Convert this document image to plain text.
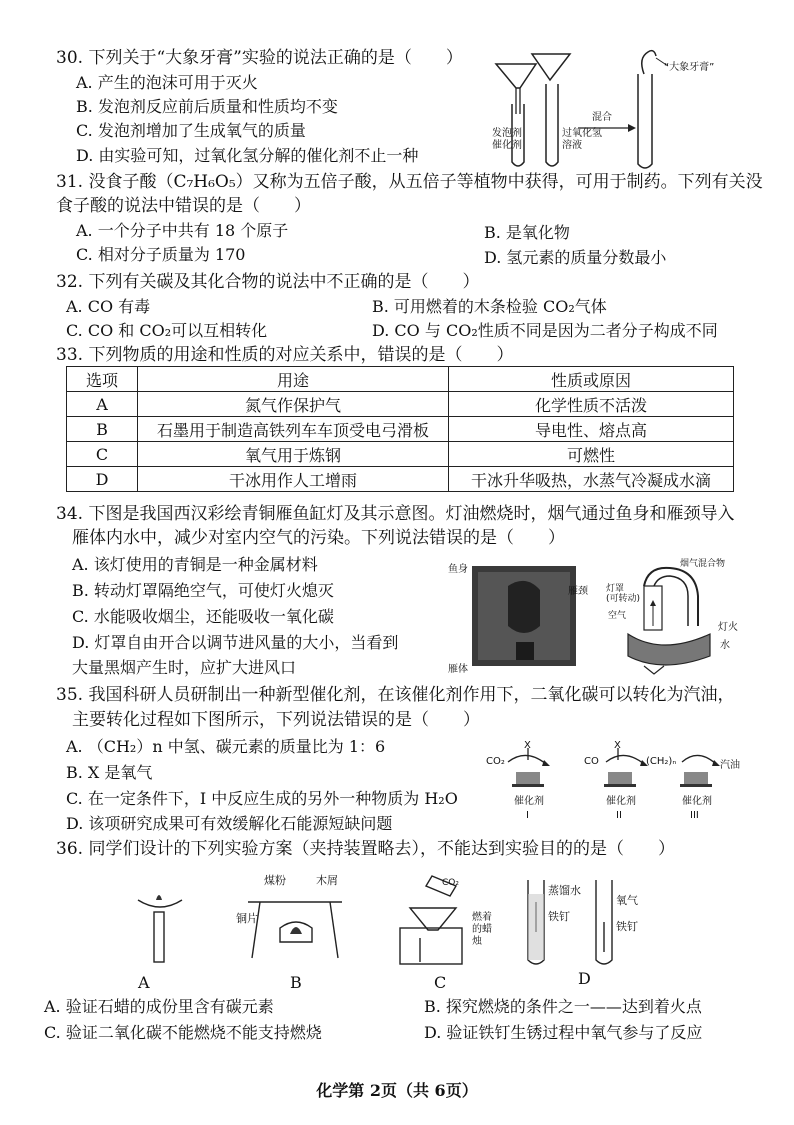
30. 下列关于“大象牙膏”实验的说法正确的是（　　）
A. 产生的泡沫可用于灭火
B. 发泡剂反应前后质量和性质均不变
C. 发泡剂增加了生成氧气的质量
D. 由实验可知，过氧化氢分解的催化剂不止一种
发泡剂
催化剂
过氧化氢
溶液
混合
“大象牙膏”
31. 没食子酸（C₇H₆O₅）又称为五倍子酸，从五倍子等植物中获得，可用于制药。下列有关没
食子酸的说法中错误的是（　　）
A. 一个分子中共有 18 个原子	B. 是氧化物
C. 相对分子质量为 170	D. 氢元素的质量分数最小
32. 下列有关碳及其化合物的说法中不正确的是（　　）
A. CO 有毒	B. 可用燃着的木条检验 CO₂气体
C. CO 和 CO₂可以互相转化	D. CO 与 CO₂性质不同是因为二者分子构成不同
33. 下列物质的用途和性质的对应关系中，错误的是（　　）
选项	用途	性质或原因
A	氮气作保护气	化学性质不活泼
B	石墨用于制造高铁列车车顶受电弓滑板	导电性、熔点高
C	氧气用于炼钢	可燃性
D	干冰用作人工增雨	干冰升华吸热，水蒸气冷凝成水滴
34. 下图是我国西汉彩绘青铜雁鱼缸灯及其示意图。灯油燃烧时，烟气通过鱼身和雁颈导入
雁体内水中，减少对室内空气的污染。下列说法错误的是（　　）
A. 该灯使用的青铜是一种金属材料
B. 转动灯罩隔绝空气，可使灯火熄灭
C. 水能吸收烟尘，还能吸收一氧化碳
D. 灯罩自由开合以调节进风量的大小，当看到
大量黑烟产生时，应扩大进风口
鱼身
雁颈
雁体
烟气混合物
灯罩
(可转动)
空气
灯火
水
35. 我国科研人员研制出一种新型催化剂，在该催化剂作用下，二氧化碳可以转化为汽油，
主要转化过程如下图所示，下列说法错误的是（　　）
A. （CH₂）n 中氢、碳元素的质量比为 1：6
B. X 是氧气
C. 在一定条件下，I 中反应生成的另外一种物质为 H₂O
D. 该项研究成果可有效缓解化石能源短缺问题
CO₂
X
CO
X
(CH₂)ₙ	汽油
催化剂	催化剂	催化剂
I	II	III
36. 同学们设计的下列实验方案（夹持装置略去），不能达到实验目的的是（　　）
煤粉	木屑
铜片
CO₂
燃着
的蜡
烛
蒸馏水
铁钉
氧气
铁钉
A	B	C	D
A. 验证石蜡的成份里含有碳元素	B. 探究燃烧的条件之一——达到着火点
C. 验证二氧化碳不能燃烧不能支持燃烧	D. 验证铁钉生锈过程中氧气参与了反应
化学第 2页（共 6页）
